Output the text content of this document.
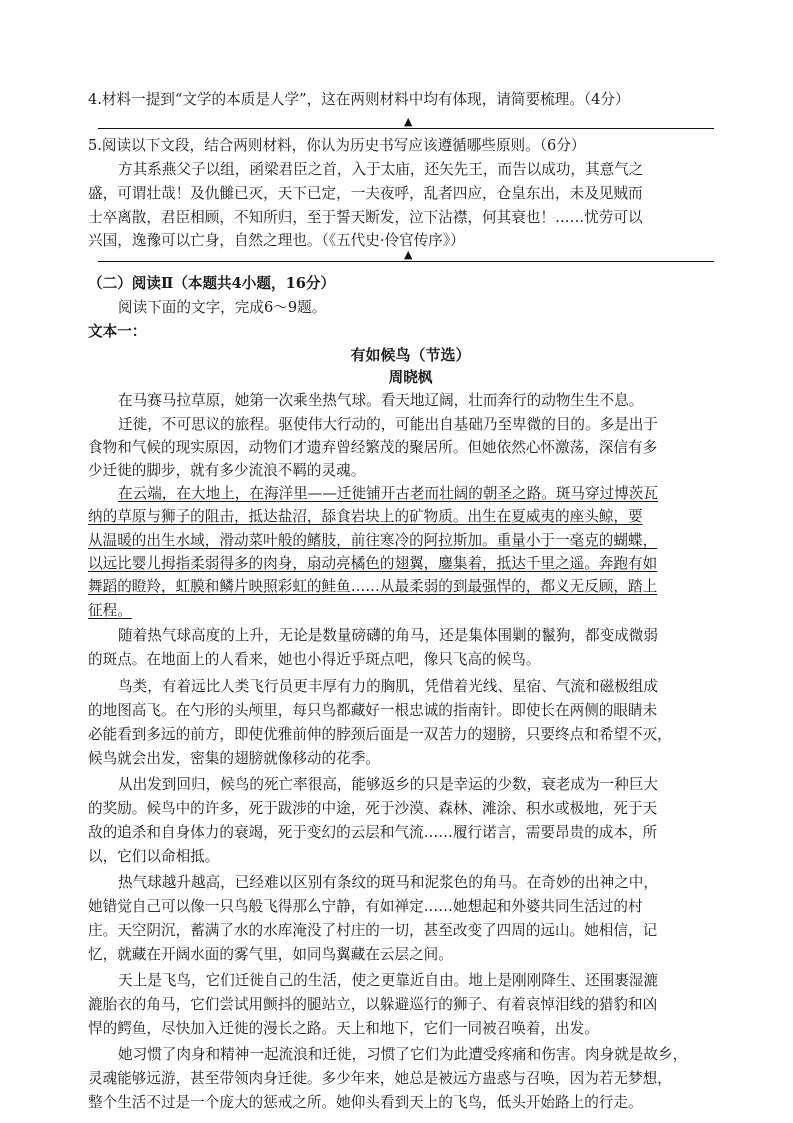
4.材料一提到“文学的本质是人学”，这在两则材料中均有体现，请简要梳理。（4分）
▲
5.阅读以下文段，结合两则材料，你认为历史书写应该遵循哪些原则。（6分）
方其系燕父子以组，函梁君臣之首，入于太庙，还矢先王，而告以成功，其意气之
盛，可谓壮哉！及仇雠已灭，天下已定，一夫夜呼，乱者四应，仓皇东出，未及见贼而
士卒离散，君臣相顾，不知所归，至于誓天断发，泣下沾襟，何其衰也！……忧劳可以
兴国，逸豫可以亡身，自然之理也。（《五代史·伶官传序》）
▲
（二）阅读Ⅱ（本题共4小题，16分）
阅读下面的文字，完成6～9题。
文本一：
有如候鸟（节选）
周晓枫
在马赛马拉草原，她第一次乘坐热气球。看天地辽阔，壮而奔行的动物生生不息。
迁徙，不可思议的旅程。驱使伟大行动的，可能出自基础乃至卑微的目的。多是出于
食物和气候的现实原因，动物们才遗弃曾经繁茂的聚居所。但她依然心怀激荡，深信有多
少迁徙的脚步，就有多少流浪不羁的灵魂。
在云端，在大地上，在海洋里——迁徙铺开古老而壮阔的朝圣之路。斑马穿过博茨瓦
纳的草原与狮子的阻击，抵达盐沼，舔食岩块上的矿物质。出生在夏威夷的座头鲸，要
从温暖的出生水域，滑动菜叶般的鳍肢，前往寒冷的阿拉斯加。重量小于一毫克的蝴蝶，
以远比婴儿拇指柔弱得多的肉身，扇动亮橘色的翅翼，鏖集着，抵达千里之遥。奔跑有如
舞蹈的瞪羚，虹膜和鳞片映照彩虹的鲑鱼……从最柔弱的到最强悍的，都义无反顾，踏上
征程。
随着热气球高度的上升，无论是数量磅礴的角马，还是集体围剿的鬣狗，都变成微弱
的斑点。在地面上的人看来，她也小得近乎斑点吧，像只飞高的候鸟。
鸟类，有着远比人类飞行员更丰厚有力的胸肌，凭借着光线、星宿、气流和磁极组成
的地图高飞。在勺形的头颅里，每只鸟都藏好一根忠诚的指南针。即使长在两侧的眼睛未
必能看到多远的前方，即使优雅前伸的脖颈后面是一双苦力的翅膀，只要终点和希望不灭，
候鸟就会出发，密集的翅膀就像移动的花季。
从出发到回归，候鸟的死亡率很高，能够返乡的只是幸运的少数，衰老成为一种巨大
的奖励。候鸟中的许多，死于跋涉的中途，死于沙漠、森林、滩涂、积水或极地，死于天
敌的追杀和自身体力的衰竭，死于变幻的云层和气流……履行诺言，需要昂贵的成本，所
以，它们以命相抵。
热气球越升越高，已经难以区别有条纹的斑马和泥浆色的角马。在奇妙的出神之中，
她错觉自己可以像一只鸟般飞得那么宁静，有如禅定……她想起和外婆共同生活过的村
庄。天空阴沉，蓄满了水的水库淹没了村庄的一切，甚至改变了四周的远山。她相信，记
忆，就藏在开阔水面的雾气里，如同鸟翼藏在云层之间。
天上是飞鸟，它们迁徙自己的生活，使之更靠近自由。地上是刚刚降生、还围裹湿漉
漉胎衣的角马，它们尝试用颤抖的腿站立，以躲避巡行的狮子、有着哀悼泪线的猎豹和凶
悍的鳄鱼，尽快加入迁徙的漫长之路。天上和地下，它们一同被召唤着，出发。
她习惯了肉身和精神一起流浪和迁徙，习惯了它们为此遭受疼痛和伤害。肉身就是故乡，
灵魂能够远游，甚至带领肉身迁徙。多少年来，她总是被远方蛊惑与召唤，因为若无梦想，
整个生活不过是一个庞大的惩戒之所。她仰头看到天上的飞鸟，低头开始路上的行走。
